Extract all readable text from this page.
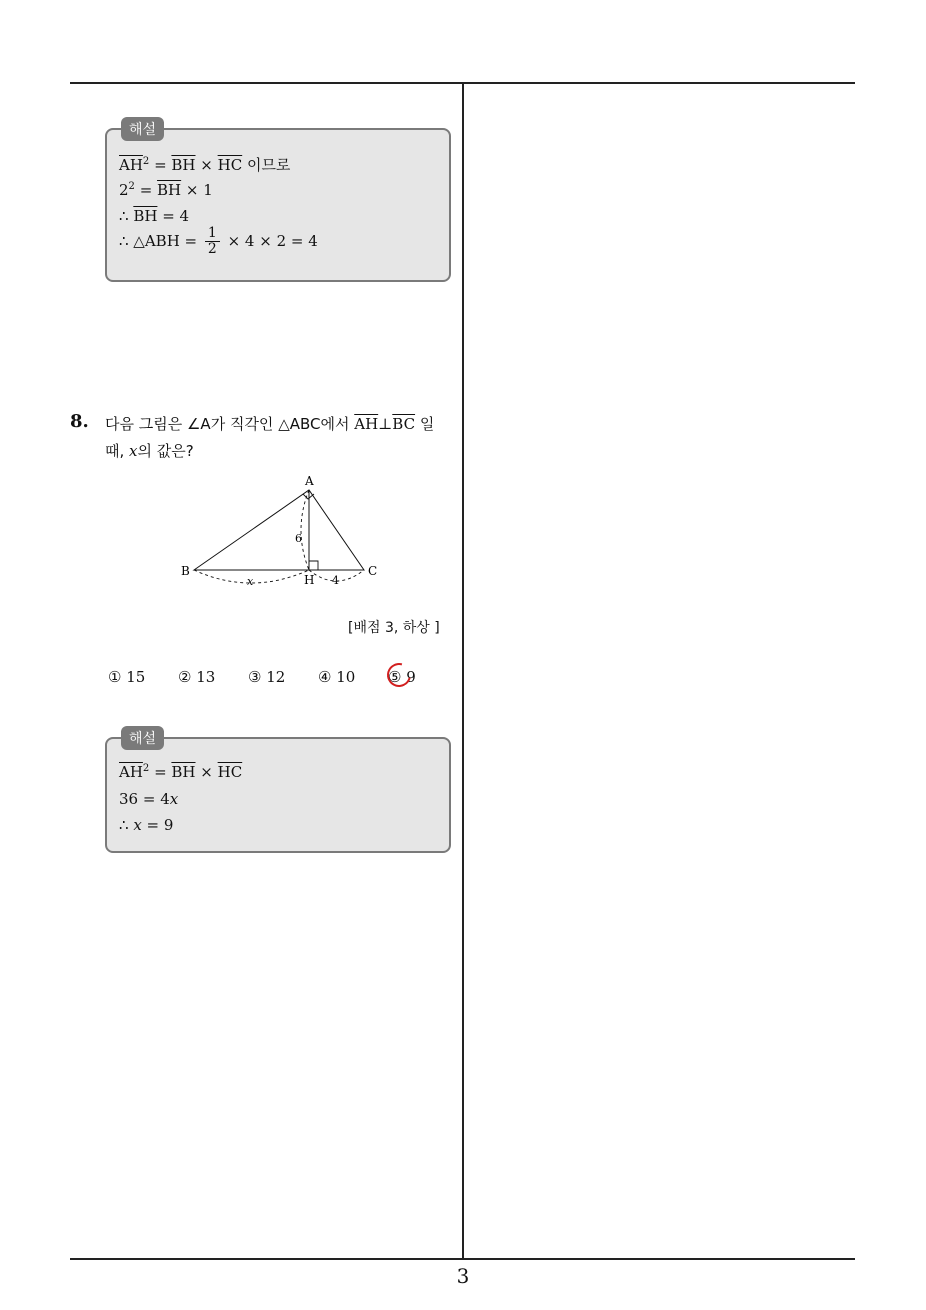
3
해설
$\overline{AH}^2 = \overline{BH} \times \overline{HC}$ 이므로
$2^2 = \overline{BH} \times 1$
∴ $\overline{BH} = 4$
∴ △ABH = $\frac{1}{2} \times 4 \times 2 = 4$
8. 다음 그림은 ∠A가 직각인 △ABC에서 $\overline{AH}\perp\overline{BC}$ 일
때, x의 값은?
A
B	C
H
6
x	4
[배점 3, 하상 ]
① 15 ② 13 ③ 12 ④ 10 ⑤ 9
해설
$\overline{AH}^2 = \overline{BH} \times \overline{HC}$
36 = 4x
∴ x = 9
